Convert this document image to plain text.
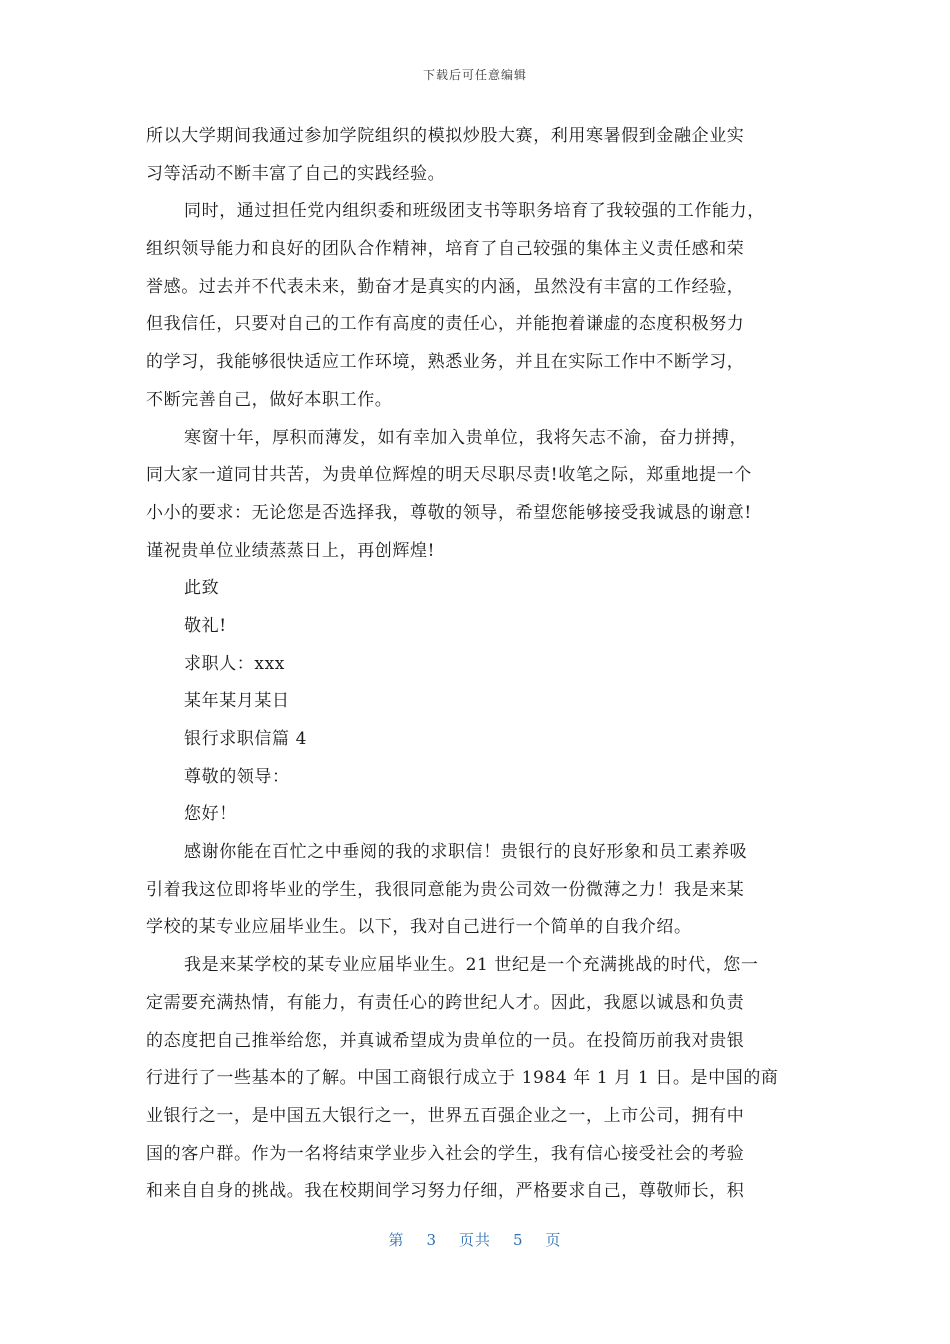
下载后可任意编辑
所以大学期间我通过参加学院组织的模拟炒股大赛，利用寒暑假到金融企业实
习等活动不断丰富了自己的实践经验。
同时，通过担任党内组织委和班级团支书等职务培育了我较强的工作能力，
组织领导能力和良好的团队合作精神，培育了自己较强的集体主义责任感和荣
誉感。过去并不代表未来，勤奋才是真实的内涵，虽然没有丰富的工作经验，
但我信任，只要对自己的工作有高度的责任心，并能抱着谦虚的态度积极努力
的学习，我能够很快适应工作环境，熟悉业务，并且在实际工作中不断学习，
不断完善自己，做好本职工作。
寒窗十年，厚积而薄发，如有幸加入贵单位，我将矢志不渝，奋力拼搏，
同大家一道同甘共苦，为贵单位辉煌的明天尽职尽责!收笔之际，郑重地提一个
小小的要求：无论您是否选择我，尊敬的领导，希望您能够接受我诚恳的谢意!
谨祝贵单位业绩蒸蒸日上，再创辉煌!
此致
敬礼!
求职人：xxx
某年某月某日
银行求职信篇 4
尊敬的领导：
您好！
感谢你能在百忙之中垂阅的我的求职信！贵银行的良好形象和员工素养吸
引着我这位即将毕业的学生，我很同意能为贵公司效一份微薄之力！我是来某
学校的某专业应届毕业生。以下，我对自己进行一个简单的自我介绍。
我是来某学校的某专业应届毕业生。21 世纪是一个充满挑战的时代，您一
定需要充满热情，有能力，有责任心的跨世纪人才。因此，我愿以诚恳和负责
的态度把自己推举给您，并真诚希望成为贵单位的一员。在投简历前我对贵银
行进行了一些基本的了解。中国工商银行成立于 1984 年 1 月 1 日。是中国的商
业银行之一，是中国五大银行之一，世界五百强企业之一，上市公司，拥有中
国的客户群。作为一名将结束学业步入社会的学生，我有信心接受社会的考验
和来自自身的挑战。我在校期间学习努力仔细，严格要求自己，尊敬师长，积
第 3 页共 5 页
